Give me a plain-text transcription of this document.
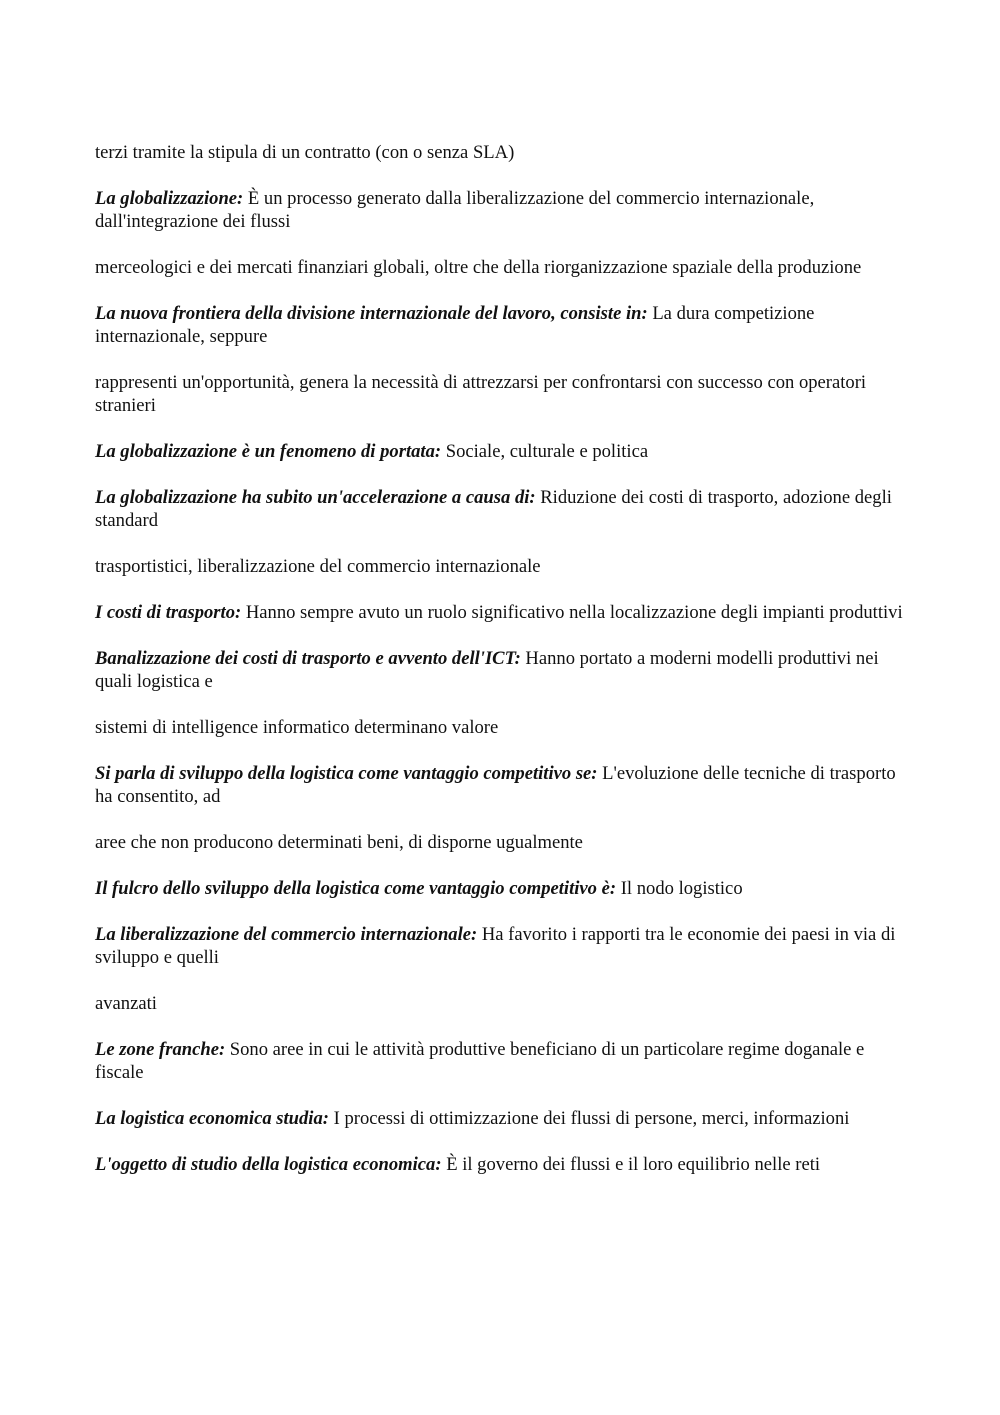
terzi tramite la stipula di un contratto (con o senza SLA)

La globalizzazione: È un processo generato dalla liberalizzazione del commercio internazionale, dall'integrazione dei flussi

merceologici e dei mercati finanziari globali, oltre che della riorganizzazione spaziale della produzione

La nuova frontiera della divisione internazionale del lavoro, consiste in: La dura competizione internazionale, seppure

rappresenti un'opportunità, genera la necessità di attrezzarsi per confrontarsi con successo con operatori stranieri

La globalizzazione è un fenomeno di portata: Sociale, culturale e politica

La globalizzazione ha subito un'accelerazione a causa di: Riduzione dei costi di trasporto, adozione degli standard

trasportistici, liberalizzazione del commercio internazionale

I costi di trasporto: Hanno sempre avuto un ruolo significativo nella localizzazione degli impianti produttivi

Banalizzazione dei costi di trasporto e avvento dell'ICT: Hanno portato a moderni modelli produttivi nei quali logistica e

sistemi di intelligence informatico determinano valore

Si parla di sviluppo della logistica come vantaggio competitivo se: L'evoluzione delle tecniche di trasporto ha consentito, ad

aree che non producono determinati beni, di disporne ugualmente

Il fulcro dello sviluppo della logistica come vantaggio competitivo è: Il nodo logistico

La liberalizzazione del commercio internazionale: Ha favorito i rapporti tra le economie dei paesi in via di sviluppo e quelli

avanzati

Le zone franche: Sono aree in cui le attività produttive beneficiano di un particolare regime doganale e fiscale

La logistica economica studia: I processi di ottimizzazione dei flussi di persone, merci, informazioni

L'oggetto di studio della logistica economica: È il governo dei flussi e il loro equilibrio nelle reti
